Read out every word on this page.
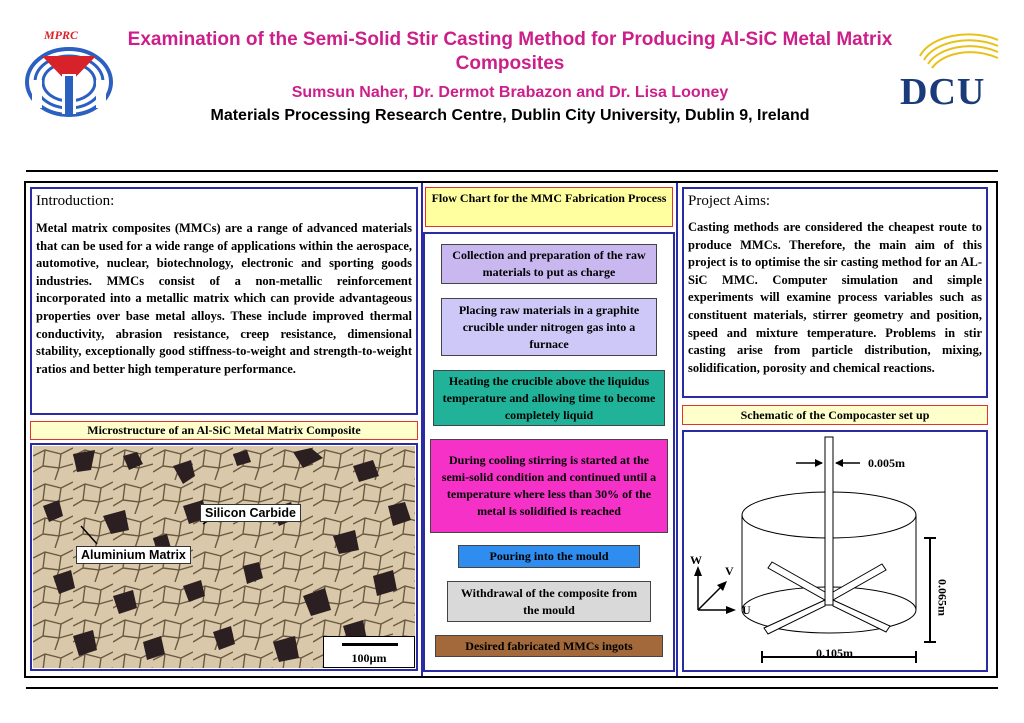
MPRC	Examination of the Semi-Solid Stir Casting Method for Producing Al-SiC Metal Matrix Composites
Sumsun Naher, Dr. Dermot Brabazon and Dr. Lisa Looney
Materials Processing Research Centre, Dublin City University, Dublin 9, Ireland
DCU
Introduction:
Metal matrix composites (MMCs) are a range of advanced materials that can be used for a wide range of applications within the aerospace, automotive, nuclear, biotechnology, electronic and sporting goods industries. MMCs consist of a non-metallic reinforcement incorporated into a metallic matrix which can provide advantageous properties over base metal alloys. These include improved thermal conductivity, abrasion resistance, creep resistance, dimensional stability, exceptionally good stiffness-to-weight and strength-to-weight ratios and better high temperature performance.
Microstructure of an Al-SiC Metal Matrix Composite
Silicon Carbide
Aluminium Matrix
100µm
Flow Chart for the MMC Fabrication Process
Collection and preparation of the raw materials to put as charge
Placing raw materials in a graphite crucible under nitrogen gas into a furnace
Heating the crucible above the liquidus temperature and allowing time to become completely liquid
During cooling stirring is started at the semi-solid condition and continued until a temperature where less than 30% of the metal is solidified is reached
Pouring into the mould
Withdrawal of the composite from the mould
Desired fabricated MMCs ingots
Project Aims:
Casting methods are considered the cheapest route to produce MMCs. Therefore, the main aim of this project is to optimise the sir casting method for an AL-SiC MMC. Computer simulation and simple experiments will examine process variables such as constituent materials, stirrer geometry and position, speed and mixture temperature. Problems in stir casting arise from particle distribution, mixing, solidification, porosity and chemical reactions.
Schematic of the Compocaster set up
0.005m
0.065m
0.105m
W
V
U
